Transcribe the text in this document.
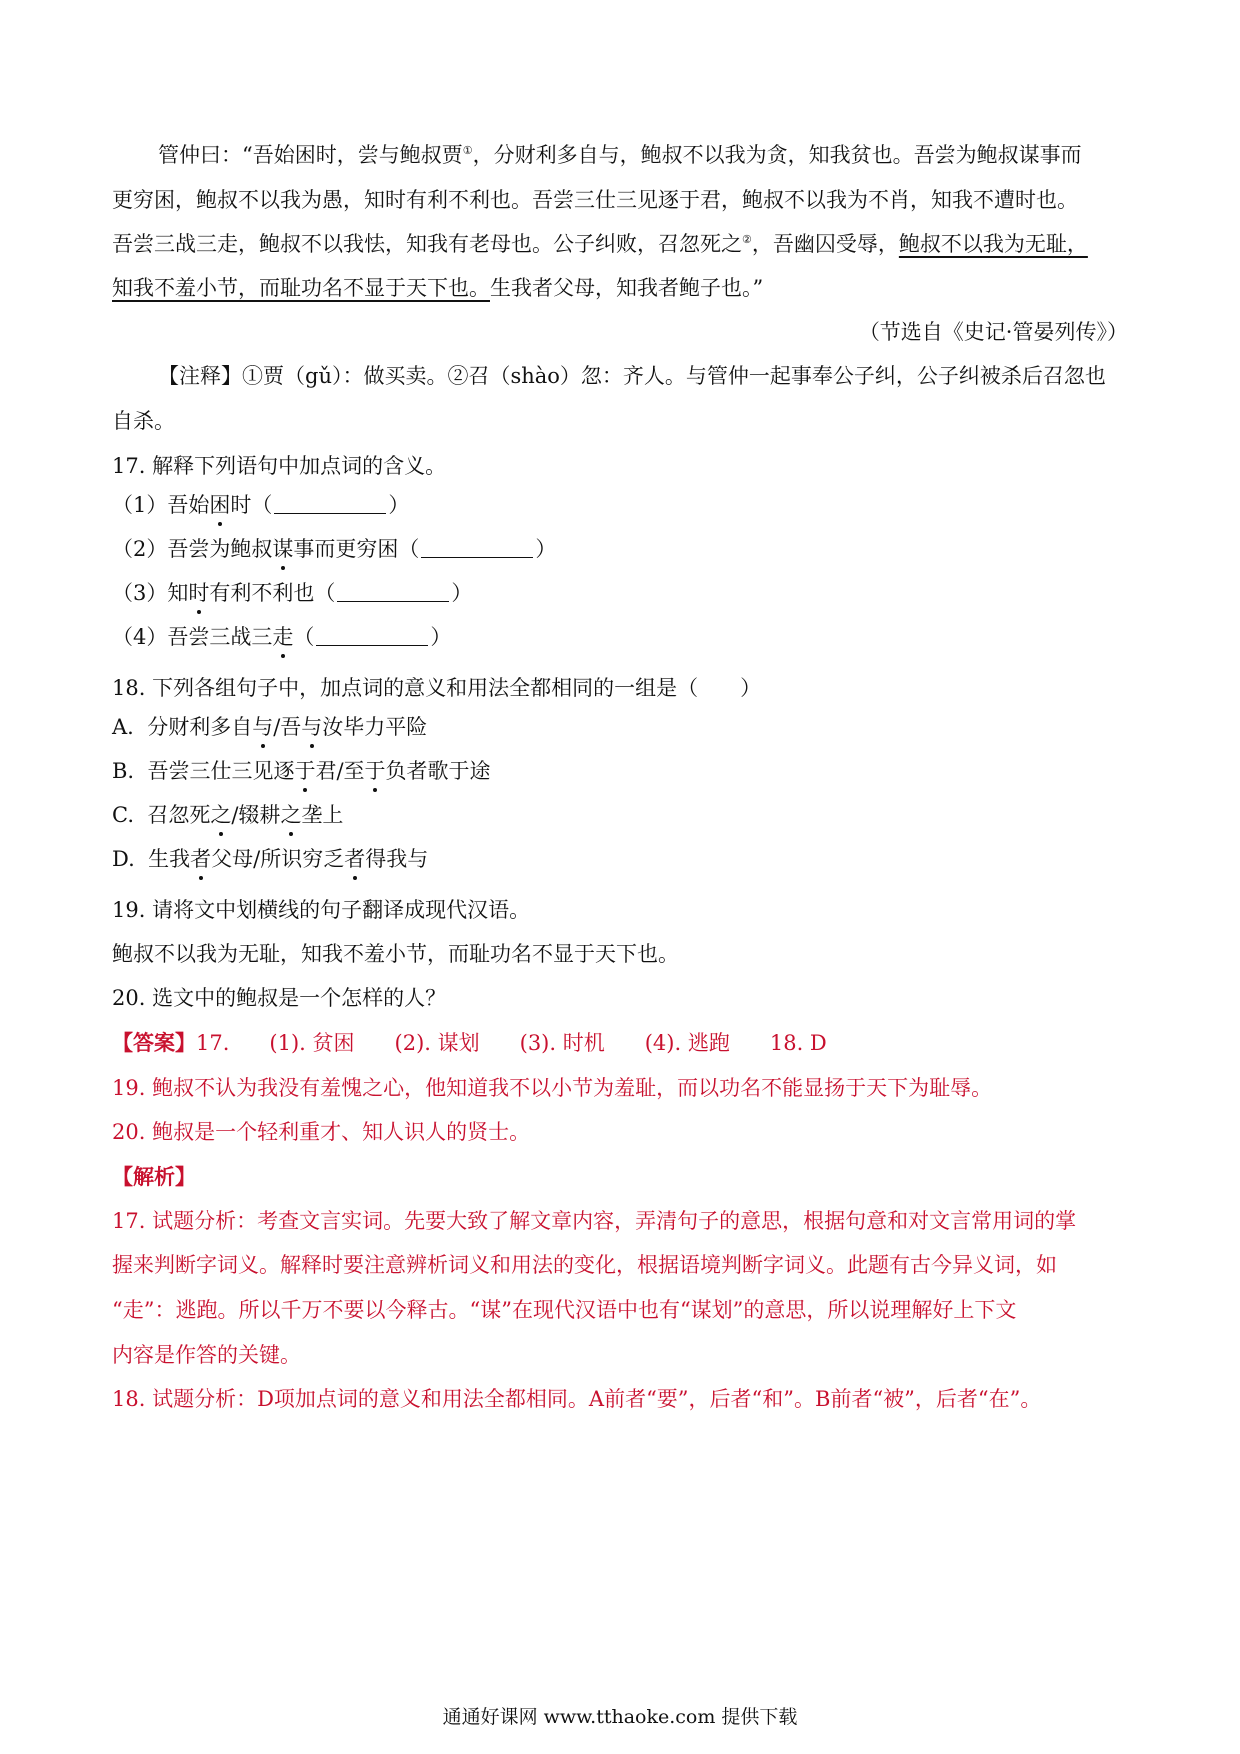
管仲曰：“吾始困时，尝与鲍叔贾①，分财利多自与，鲍叔不以我为贪，知我贫也。吾尝为鲍叔谋事而
更穷困，鲍叔不以我为愚，知时有利不利也。吾尝三仕三见逐于君，鲍叔不以我为不肖，知我不遭时也。
吾尝三战三走，鲍叔不以我怯，知我有老母也。公子纠败，召忽死之②，吾幽囚受辱，鲍叔不以我为无耻，
知我不羞小节，而耻功名不显于天下也。生我者父母，知我者鲍子也。”
（节选自《史记·管晏列传》）
【注释】①贾（gǔ）：做买卖。②召（shào）忽：齐人。与管仲一起事奉公子纠，公子纠被杀后召忽也
自杀。
17. 解释下列语句中加点词的含义。
（1）吾始困时（	）
（2）吾尝为鲍叔谋事而更穷困（	）
（3）知时有利不利也（	）
（4）吾尝三战三走（	）
18. 下列各组句子中，加点词的意义和用法全都相同的一组是（　　）
A. 分财利多自与/吾与汝毕力平险
B. 吾尝三仕三见逐于君/至于负者歌于途
C. 召忽死之/辍耕之垄上
D. 生我者父母/所识穷乏者得我与
19. 请将文中划横线的句子翻译成现代汉语。
鲍叔不以我为无耻，知我不羞小节，而耻功名不显于天下也。
20. 选文中的鲍叔是一个怎样的人？
【答案】17. (1). 贫困 (2). 谋划 (3). 时机 (4). 逃跑 18. D
19. 鲍叔不认为我没有羞愧之心，他知道我不以小节为羞耻，而以功名不能显扬于天下为耻辱。
20. 鲍叔是一个轻利重才、知人识人的贤士。
【解析】
17. 试题分析：考查文言实词。先要大致了解文章内容，弄清句子的意思，根据句意和对文言常用词的掌
握来判断字词义。解释时要注意辨析词义和用法的变化，根据语境判断字词义。此题有古今异义词，如
“走”：逃跑。所以千万不要以今释古。“谋”在现代汉语中也有“谋划”的意思，所以说理解好上下文
内容是作答的关键。
18. 试题分析：D项加点词的意义和用法全都相同。A前者“要”，后者“和”。B前者“被”，后者“在”。
通通好课网 www.tthaoke.com 提供下载
